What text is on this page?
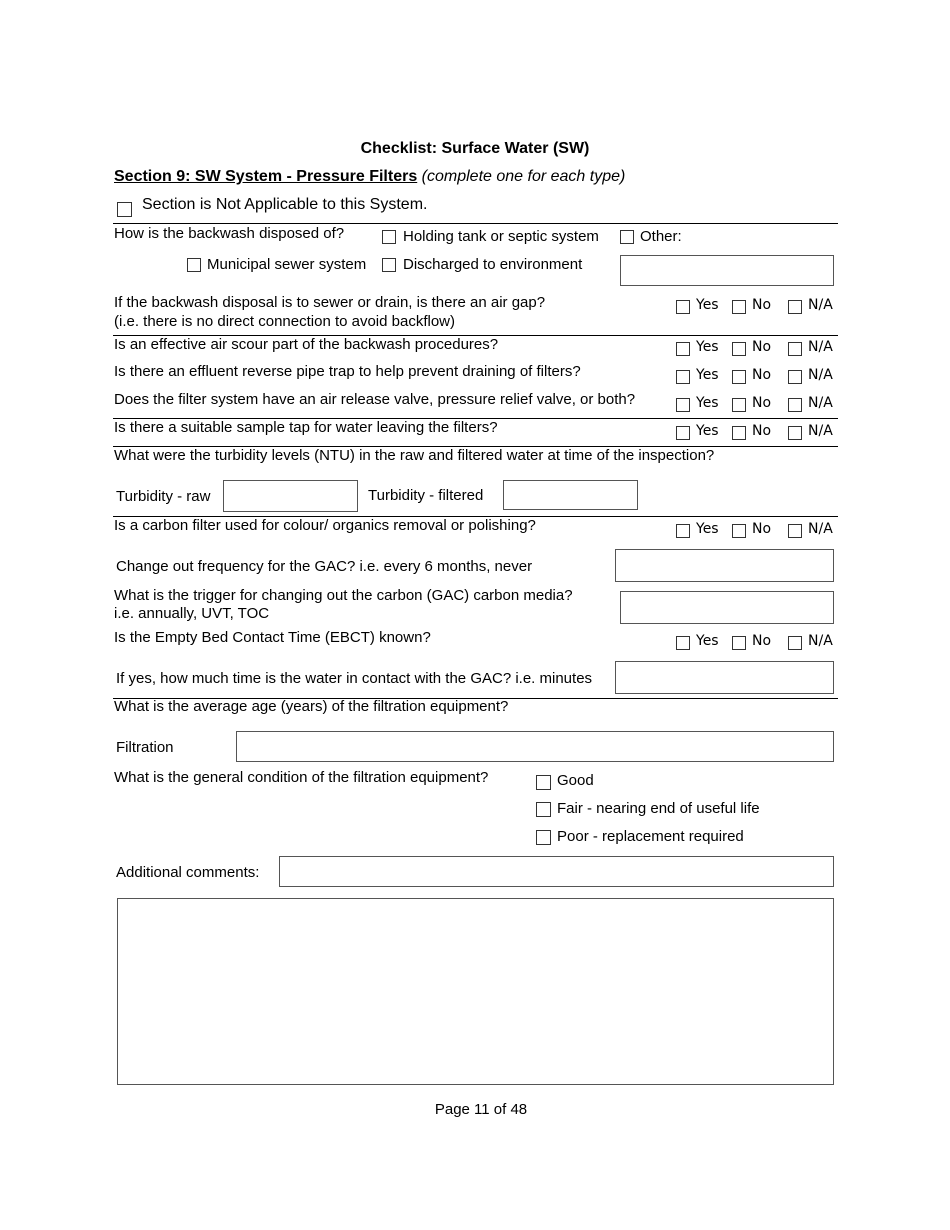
Checklist: Surface Water (SW)
Section 9: SW System - Pressure Filters (complete one for each type)
Section is Not Applicable to this System.
How is the backwash disposed of?	Holding tank or septic system	Other:
Municipal sewer system Discharged to environment
If the backwash disposal is to sewer or drain, is there an air gap?
(i.e. there is no direct connection to avoid backflow)
Yes No	N/A
Is an effective air scour part of the backwash procedures?	Yes No	N/A
Is there an effluent reverse pipe trap to help prevent draining of filters?	Yes No	N/A
Does the filter system have an air release valve, pressure relief valve, or both?	Yes No	N/A
Is there a suitable sample tap for water leaving the filters?	Yes No	N/A
What were the turbidity levels (NTU) in the raw and filtered water at time of the inspection?
Turbidity - raw	Turbidity - filtered
Is a carbon filter used for colour/ organics removal or polishing?	Yes No	N/A
Change out frequency for the GAC? i.e. every 6 months, never
What is the trigger for changing out the carbon (GAC) carbon media?
i.e. annually, UVT, TOC
Is the Empty Bed Contact Time (EBCT) known?	Yes No	N/A
If yes, how much time is the water in contact with the GAC? i.e. minutes
What is the average age (years) of the filtration equipment?
Filtration
What is the general condition of the filtration equipment?	Good
Fair - nearing end of useful life
Poor - replacement required
Additional comments:
Page 11 of 48
